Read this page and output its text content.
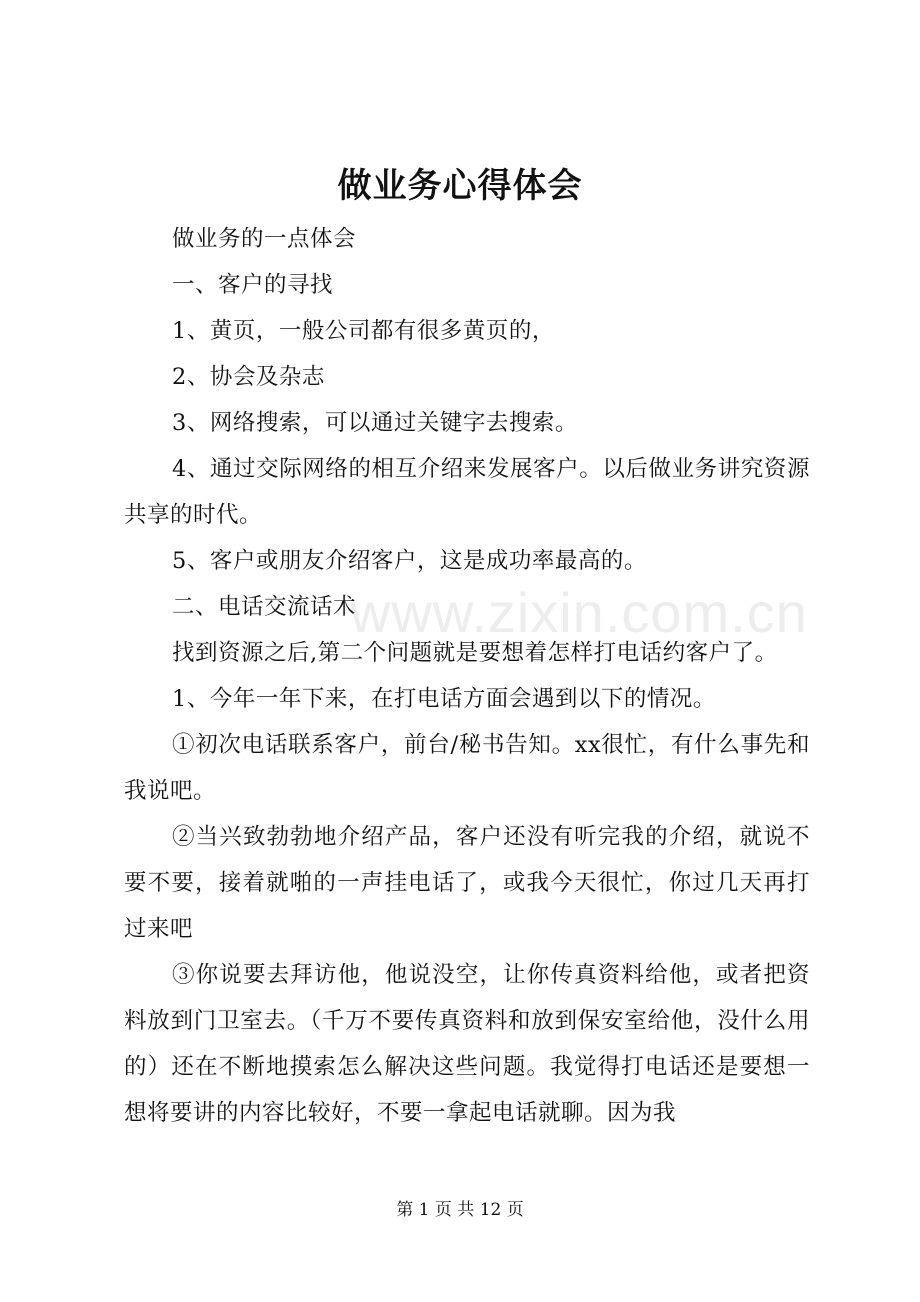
做业务心得体会

做业务的一点体会

一、客户的寻找

1、黄页，一般公司都有很多黄页的，

2、协会及杂志

3、网络搜索，可以通过关键字去搜索。

4、通过交际网络的相互介绍来发展客户。以后做业务讲究资源共享的时代。

5、客户或朋友介绍客户，这是成功率最高的。

二、电话交流话术

找到资源之后,第二个问题就是要想着怎样打电话约客户了。

1、今年一年下来，在打电话方面会遇到以下的情况。

①初次电话联系客户，前台/秘书告知。xx很忙，有什么事先和我说吧。

②当兴致勃勃地介绍产品，客户还没有听完我的介绍，就说不要不要，接着就啪的一声挂电话了，或我今天很忙，你过几天再打过来吧

③你说要去拜访他，他说没空，让你传真资料给他，或者把资料放到门卫室去。（千万不要传真资料和放到保安室给他，没什么用的）还在不断地摸索怎么解决这些问题。我觉得打电话还是要想一想将要讲的内容比较好，不要一拿起电话就聊。因为我

www.zixin.com.cn
第 1 页 共 12 页
